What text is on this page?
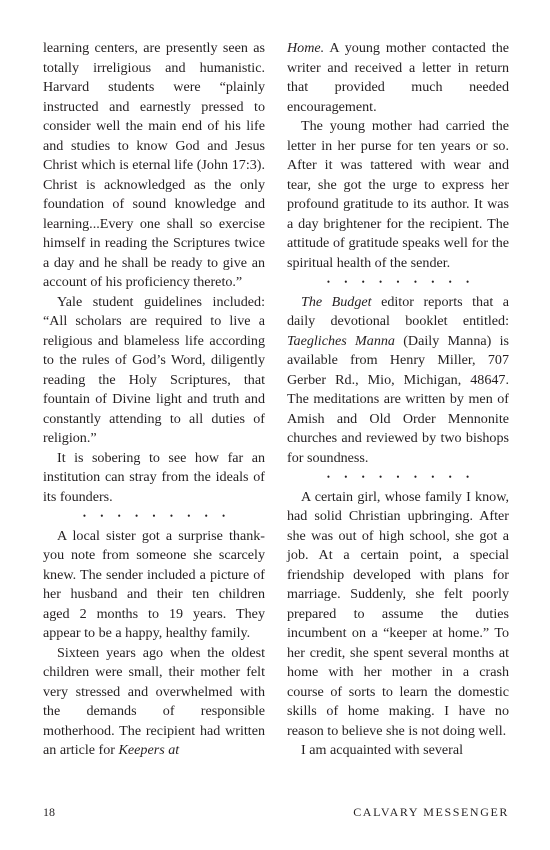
learning centers, are presently seen as totally irreligious and humanistic. Harvard students were “plainly instructed and earnestly pressed to consider well the main end of his life and studies to know God and Jesus Christ which is eternal life (John 17:3). Christ is acknowledged as the only foundation of sound knowledge and learning...Every one shall so exercise himself in reading the Scriptures twice a day and he shall be ready to give an account of his proficiency thereto.”

Yale student guidelines included: “All scholars are required to live a religious and blameless life according to the rules of God’s Word, diligently reading the Holy Scriptures, that fountain of Divine light and truth and constantly attending to all duties of religion.”

It is sobering to see how far an institution can stray from the ideals of its founders.

• • • • • • • • •

A local sister got a surprise thank-you note from someone she scarcely knew. The sender included a picture of her husband and their ten children aged 2 months to 19 years. They appear to be a happy, healthy family.

Sixteen years ago when the oldest children were small, their mother felt very stressed and overwhelmed with the demands of responsible motherhood. The recipient had written an article for Keepers at

Home. A young mother contacted the writer and received a letter in return that provided much needed encouragement.

The young mother had carried the letter in her purse for ten years or so. After it was tattered with wear and tear, she got the urge to express her profound gratitude to its author. It was a day brightener for the recipient. The attitude of gratitude speaks well for the spiritual health of the sender.

• • • • • • • • •

The Budget editor reports that a daily devotional booklet entitled: Taegliches Manna (Daily Manna) is available from Henry Miller, 707 Gerber Rd., Mio, Michigan, 48647. The meditations are written by men of Amish and Old Order Mennonite churches and reviewed by two bishops for soundness.

• • • • • • • • •

A certain girl, whose family I know, had solid Christian upbringing. After she was out of high school, she got a job. At a certain point, a special friendship developed with plans for marriage. Suddenly, she felt poorly prepared to assume the duties incumbent on a “keeper at home.” To her credit, she spent several months at home with her mother in a crash course of sorts to learn the domestic skills of home making. I have no reason to believe she is not doing well.

I am acquainted with several

18	CALVARY MESSENGER
